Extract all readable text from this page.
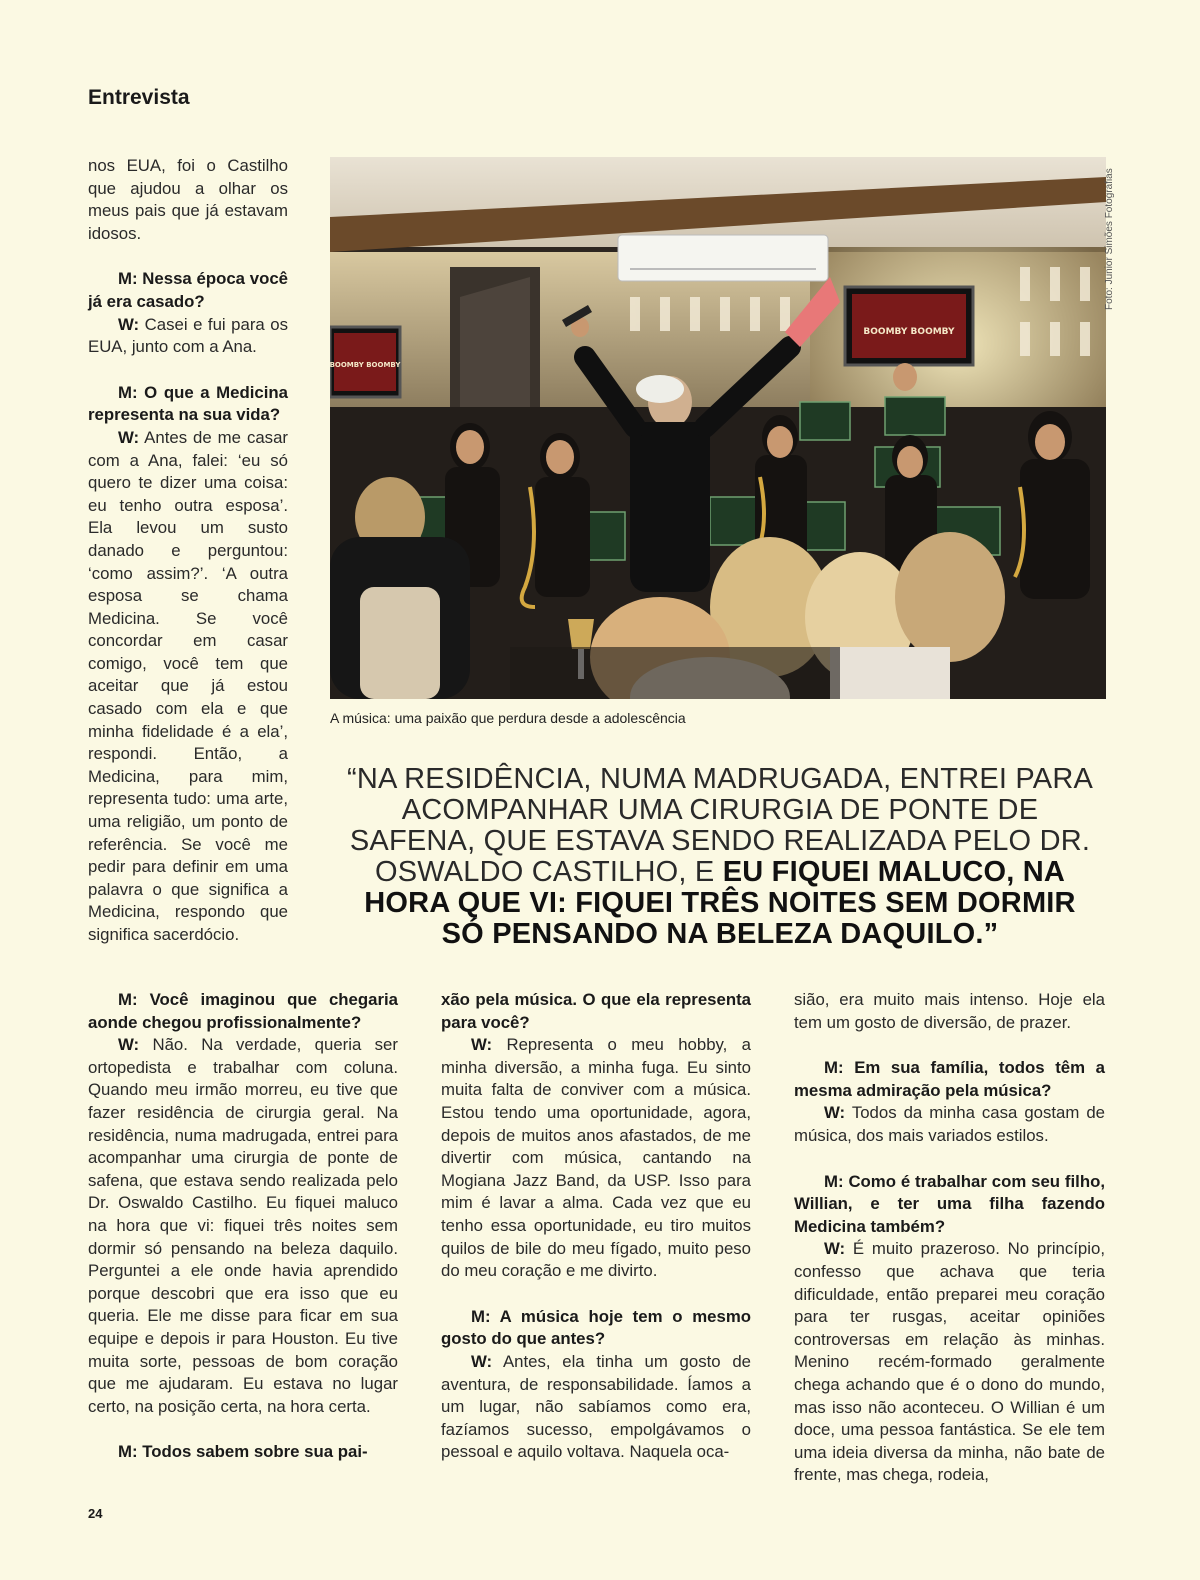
Entrevista

nos EUA, foi o Castilho que ajudou a olhar os meus pais que já estavam idosos.

M: Nessa época você já era casado?

W: Casei e fui para os EUA, junto com a Ana.

M: O que a Medicina representa na sua vida?

W: Antes de me casar com a Ana, falei: ‘eu só quero te dizer uma coisa: eu tenho outra esposa’. Ela levou um susto danado e perguntou: ‘como assim?’. ‘A outra esposa se chama Medicina. Se você concordar em casar comigo, você tem que aceitar que já estou casado com ela e que minha fidelidade é a ela’, respondi. Então, a Medicina, para mim, representa tudo: uma arte, uma religião, um ponto de referência. Se você me pedir para definir em uma palavra o que significa a Medicina, respondo que significa sacerdócio.

BOOMBY BOOMBY
BOOMBY BOOMBY
Foto: Junior Simões Fotografias
A música: uma paixão que perdura desde a adolescência
“NA RESIDÊNCIA, NUMA MADRUGADA, ENTREI PARA ACOMPANHAR UMA CIRURGIA DE PONTE DE SAFENA, QUE ESTAVA SENDO REALIZADA PELO DR. OSWALDO CASTILHO, E EU FIQUEI MALUCO, NA HORA QUE VI: FIQUEI TRÊS NOITES SEM DORMIR SÓ PENSANDO NA BELEZA DAQUILO.”

M: Você imaginou que chegaria aonde chegou profissionalmente?

W: Não. Na verdade, queria ser ortopedista e trabalhar com coluna. Quando meu irmão morreu, eu tive que fazer residência de cirurgia geral. Na residência, numa madrugada, entrei para acompanhar uma cirurgia de ponte de safena, que estava sendo realizada pelo Dr. Oswaldo Castilho. Eu fiquei maluco na hora que vi: fiquei três noites sem dormir só pensando na beleza daquilo. Perguntei a ele onde havia aprendido porque descobri que era isso que eu queria. Ele me disse para ficar em sua equipe e depois ir para Houston. Eu tive muita sorte, pessoas de bom coração que me ajudaram. Eu estava no lugar certo, na posição certa, na hora certa.

M: Todos sabem sobre sua pai-

xão pela música. O que ela representa para você?

W: Representa o meu hobby, a minha diversão, a minha fuga. Eu sinto muita falta de conviver com a música. Estou tendo uma oportunidade, agora, depois de muitos anos afastados, de me divertir com música, cantando na Mogiana Jazz Band, da USP. Isso para mim é lavar a alma. Cada vez que eu tenho essa oportunidade, eu tiro muitos quilos de bile do meu fígado, muito peso do meu coração e me divirto.

M: A música hoje tem o mesmo gosto do que antes?

W: Antes, ela tinha um gosto de aventura, de responsabilidade. Íamos a um lugar, não sabíamos como era, fazíamos sucesso, empolgávamos o pessoal e aquilo voltava. Naquela oca-

sião, era muito mais intenso. Hoje ela tem um gosto de diversão, de prazer.

M: Em sua família, todos têm a mesma admiração pela música?

W: Todos da minha casa gostam de música, dos mais variados estilos.

M: Como é trabalhar com seu filho, Willian, e ter uma filha fazendo Medicina também?

W: É muito prazeroso. No princípio, confesso que achava que teria dificuldade, então preparei meu coração para ter rusgas, aceitar opiniões controversas em relação às minhas. Menino recém-formado geralmente chega achando que é o dono do mundo, mas isso não aconteceu. O Willian é um doce, uma pessoa fantástica. Se ele tem uma ideia diversa da minha, não bate de frente, mas chega, rodeia,

24
